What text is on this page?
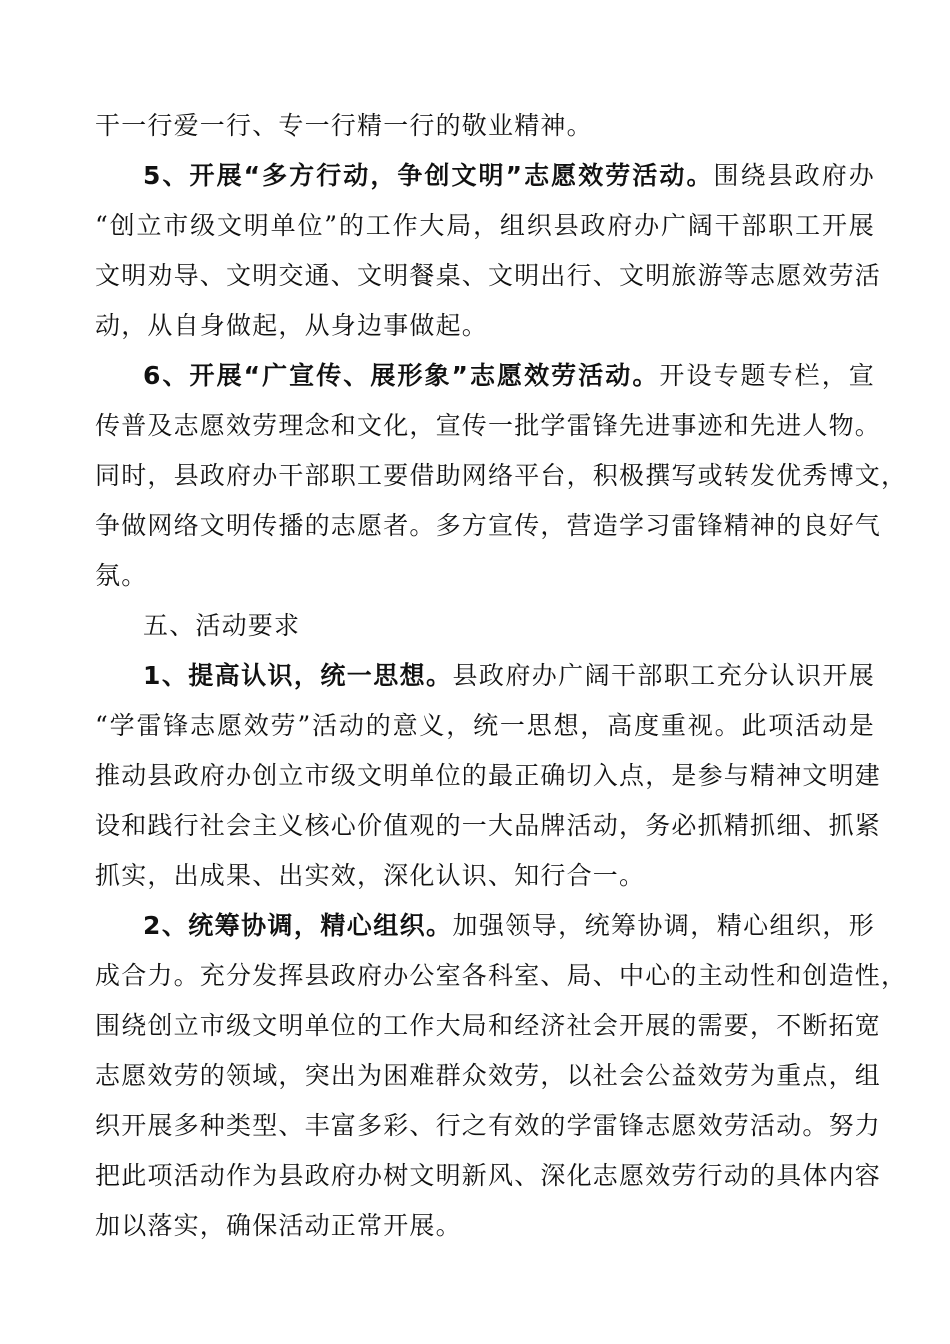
干一行爱一行、专一行精一行的敬业精神。
5、开展“多方行动，争创文明”志愿效劳活动。围绕县政府办
“创立市级文明单位”的工作大局，组织县政府办广阔干部职工开展
文明劝导、文明交通、文明餐桌、文明出行、文明旅游等志愿效劳活
动，从自身做起，从身边事做起。
6、开展“广宣传、展形象”志愿效劳活动。开设专题专栏，宣
传普及志愿效劳理念和文化，宣传一批学雷锋先进事迹和先进人物。
同时，县政府办干部职工要借助网络平台，积极撰写或转发优秀博文，
争做网络文明传播的志愿者。多方宣传，营造学习雷锋精神的良好气
氛。
五、活动要求
1、提高认识，统一思想。县政府办广阔干部职工充分认识开展
“学雷锋志愿效劳”活动的意义，统一思想，高度重视。此项活动是
推动县政府办创立市级文明单位的最正确切入点，是参与精神文明建
设和践行社会主义核心价值观的一大品牌活动，务必抓精抓细、抓紧
抓实，出成果、出实效，深化认识、知行合一。
2、统筹协调，精心组织。加强领导，统筹协调，精心组织，形
成合力。充分发挥县政府办公室各科室、局、中心的主动性和创造性，
围绕创立市级文明单位的工作大局和经济社会开展的需要，不断拓宽
志愿效劳的领域，突出为困难群众效劳，以社会公益效劳为重点，组
织开展多种类型、丰富多彩、行之有效的学雷锋志愿效劳活动。努力
把此项活动作为县政府办树文明新风、深化志愿效劳行动的具体内容
加以落实，确保活动正常开展。
